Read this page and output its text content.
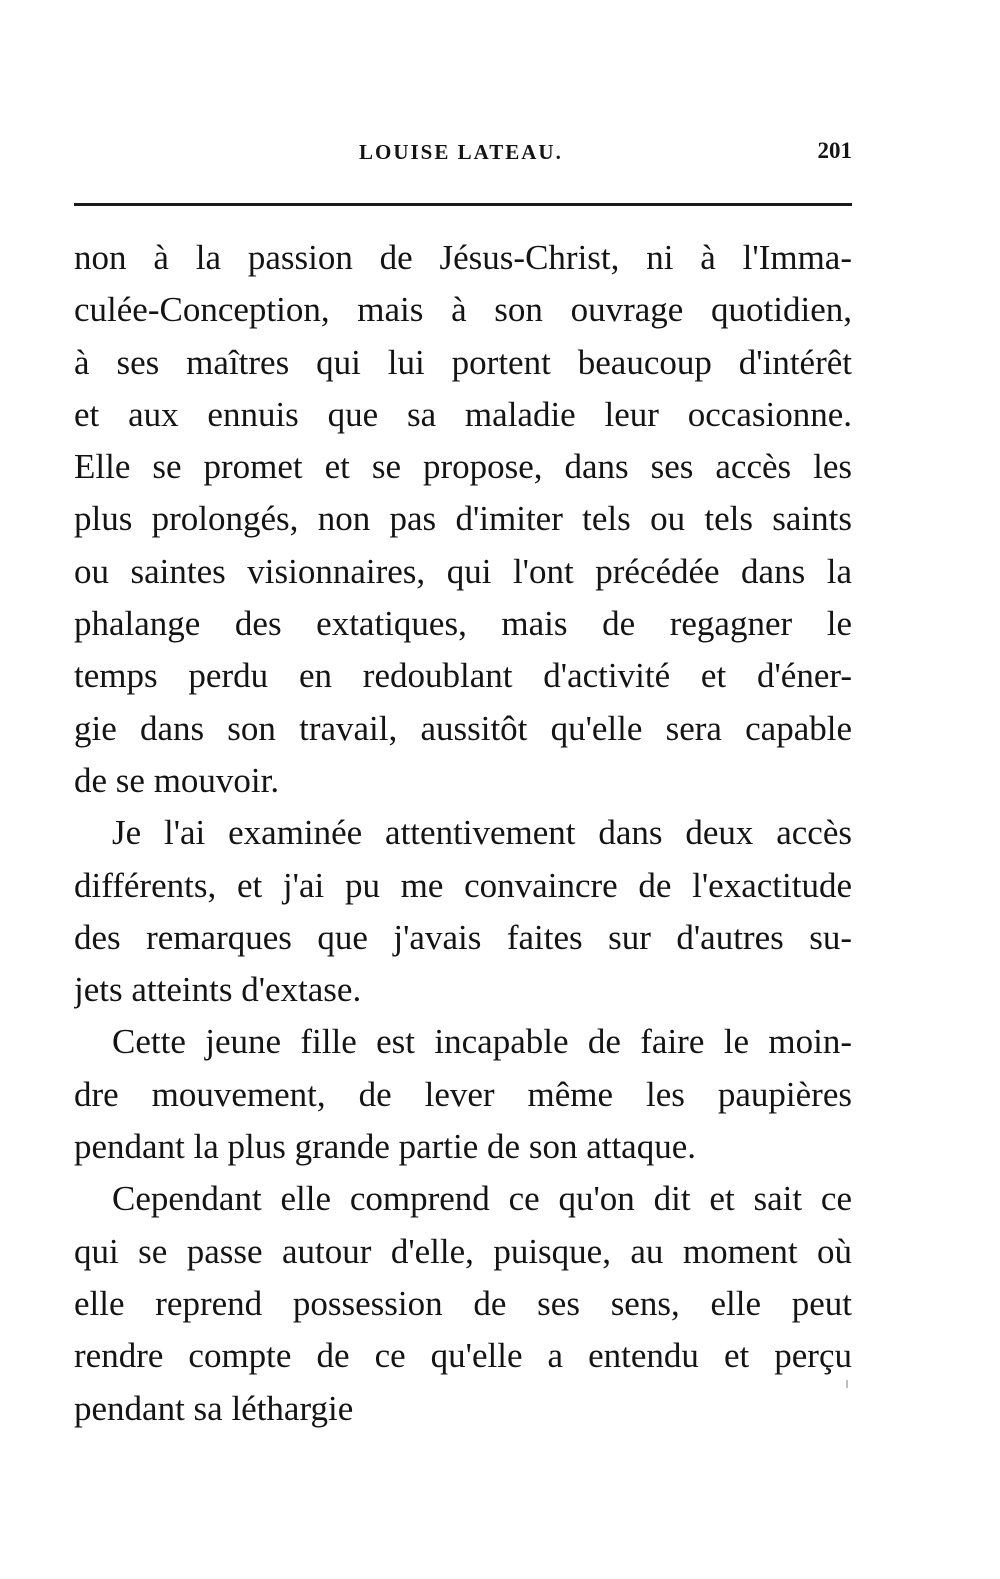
LOUISE LATEAU.	201
non à la passion de Jésus-Christ, ni à l'Imma-
culée-Conception, mais à son ouvrage quotidien,
à ses maîtres qui lui portent beaucoup d'intérêt
et aux ennuis que sa maladie leur occasionne.
Elle se promet et se propose, dans ses accès les
plus prolongés, non pas d'imiter tels ou tels saints
ou saintes visionnaires, qui l'ont précédée dans la
phalange des extatiques, mais de regagner le
temps perdu en redoublant d'activité et d'éner-
gie dans son travail, aussitôt qu'elle sera capable
de se mouvoir.
Je l'ai examinée attentivement dans deux accès
différents, et j'ai pu me convaincre de l'exactitude
des remarques que j'avais faites sur d'autres su-
jets atteints d'extase.
Cette jeune fille est incapable de faire le moin-
dre mouvement, de lever même les paupières
pendant la plus grande partie de son attaque.
Cependant elle comprend ce qu'on dit et sait ce
qui se passe autour d'elle, puisque, au moment où
elle reprend possession de ses sens, elle peut
rendre compte de ce qu'elle a entendu et perçu
pendant sa léthargie
